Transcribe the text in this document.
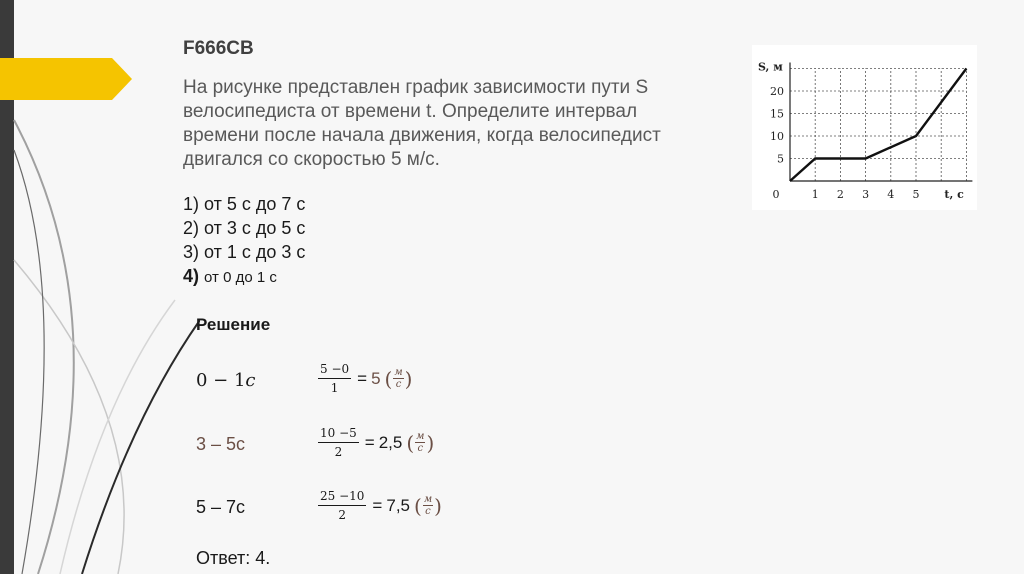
F666CB
На рисунке представлен график зависимости пути S велосипедиста от времени t. Определите интервал времени после начала движения, когда велосипедист двигался со скоростью 5 м/с.
1) от 5 с до 7 с
2) от 3 с до 5 с
3) от 1 с до 3 с
4) от 0 до 1 с
Решение
0 − 1𝑐	$\frac{5 -0}{1} = 5$ ( м
𝑐 )
3 – 5с	$\frac{10 -5}{2} = 2,5$ ( м
𝑐 )
5 – 7с	$\frac{25 -10}{2} = 7,5$ ( м
𝑐 )
Ответ: 4.
1 2 3 4 5
5
10
15
20
0
S, м
t, c
